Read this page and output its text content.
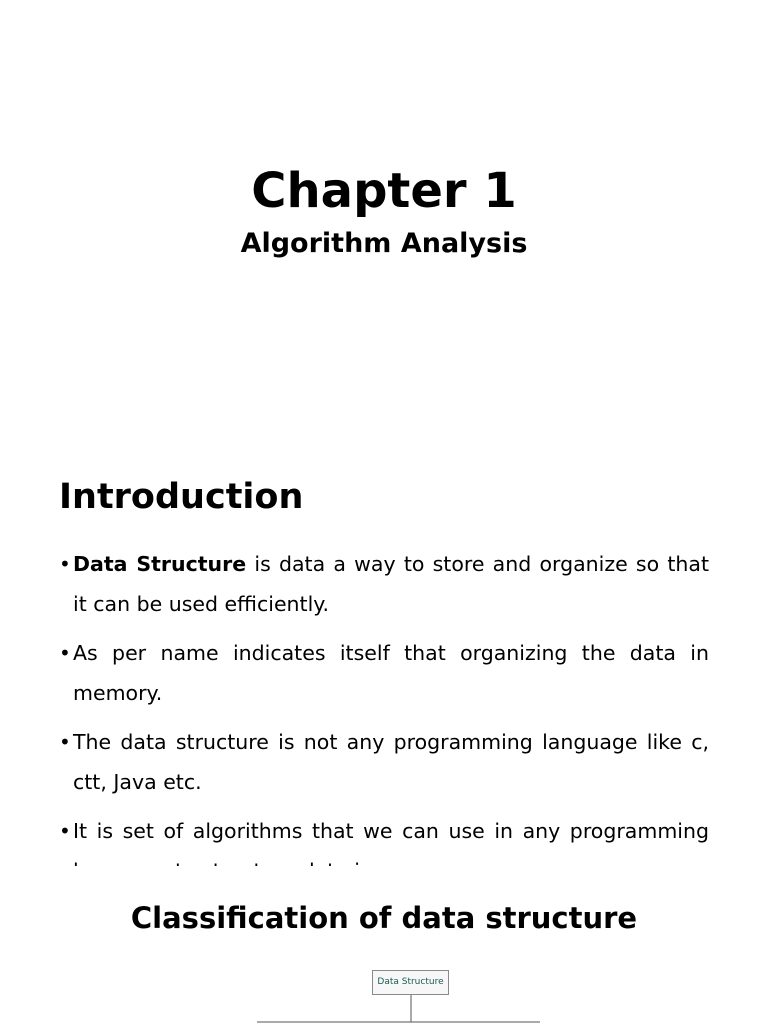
Chapter 1
Algorithm Analysis
Introduction
• Data Structure is data a way to store and organize so that it can be used efficiently.
• As per name indicates itself that organizing the data in memory.
• The data structure is not any programming language like c, ctt, Java etc.
• It is set of algorithms that we can use in any programming
Classification of data structure
Data Structure
